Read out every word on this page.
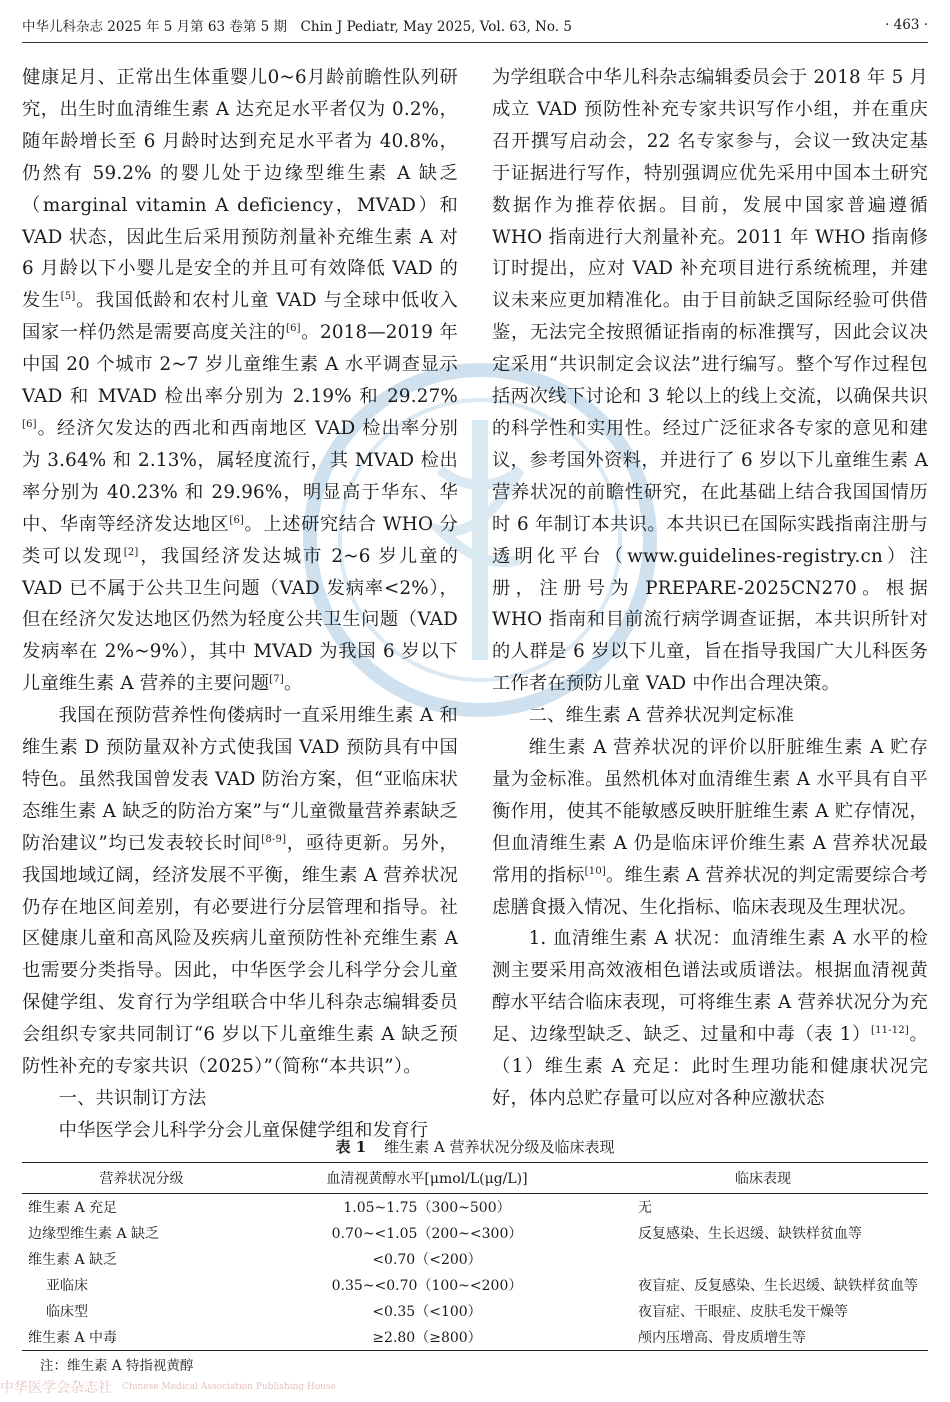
中华儿科杂志 2025 年 5 月第 63 卷第 5 期　Chin J Pediatr, May 2025, Vol. 63, No. 5	· 463 ·

健康足月、正常出生体重婴儿0~6月龄前瞻性队列研究，出生时血清维生素 A 达充足水平者仅为 0.2%，随年龄增长至 6 月龄时达到充足水平者为 40.8%，仍然有 59.2% 的婴儿处于边缘型维生素 A 缺乏（marginal vitamin A deficiency，MVAD）和 VAD 状态，因此生后采用预防剂量补充维生素 A 对 6 月龄以下小婴儿是安全的并且可有效降低 VAD 的发生[5]。我国低龄和农村儿童 VAD 与全球中低收入国家一样仍然是需要高度关注的[6]。2018—2019 年中国 20 个城市 2~7 岁儿童维生素 A 水平调查显示 VAD 和 MVAD 检出率分别为 2.19% 和 29.27%[6]。经济欠发达的西北和西南地区 VAD 检出率分别为 3.64% 和 2.13%，属轻度流行，其 MVAD 检出率分别为 40.23% 和 29.96%，明显高于华东、华中、华南等经济发达地区[6]。上述研究结合 WHO 分类可以发现[2]，我国经济发达城市 2~6 岁儿童的 VAD 已不属于公共卫生问题（VAD 发病率<2%），但在经济欠发达地区仍然为轻度公共卫生问题（VAD 发病率在 2%~9%），其中 MVAD 为我国 6 岁以下儿童维生素 A 营养的主要问题[7]。

我国在预防营养性佝偻病时一直采用维生素 A 和维生素 D 预防量双补方式使我国 VAD 预防具有中国特色。虽然我国曾发表 VAD 防治方案，但“亚临床状态维生素 A 缺乏的防治方案”与“儿童微量营养素缺乏防治建议”均已发表较长时间[8-9]，亟待更新。另外，我国地域辽阔，经济发展不平衡，维生素 A 营养状况仍存在地区间差别，有必要进行分层管理和指导。社区健康儿童和高风险及疾病儿童预防性补充维生素 A 也需要分类指导。因此，中华医学会儿科学分会儿童保健学组、发育行为学组联合中华儿科杂志编辑委员会组织专家共同制订“6 岁以下儿童维生素 A 缺乏预防性补充的专家共识（2025）”（简称“本共识”）。

一、共识制订方法

中华医学会儿科学分会儿童保健学组和发育行

为学组联合中华儿科杂志编辑委员会于 2018 年 5 月成立 VAD 预防性补充专家共识写作小组，并在重庆召开撰写启动会，22 名专家参与，会议一致决定基于证据进行写作，特别强调应优先采用中国本土研究数据作为推荐依据。目前，发展中国家普遍遵循 WHO 指南进行大剂量补充。2011 年 WHO 指南修订时提出，应对 VAD 补充项目进行系统梳理，并建议未来应更加精准化。由于目前缺乏国际经验可供借鉴，无法完全按照循证指南的标准撰写，因此会议决定采用“共识制定会议法”进行编写。整个写作过程包括两次线下讨论和 3 轮以上的线上交流，以确保共识的科学性和实用性。经过广泛征求各专家的意见和建议，参考国外资料，并进行了 6 岁以下儿童维生素 A 营养状况的前瞻性研究，在此基础上结合我国国情历时 6 年制订本共识。本共识已在国际实践指南注册与透明化平台（www.guidelines-registry.cn）注册，注册号为 PREPARE-2025CN270。根据 WHO 指南和目前流行病学调查证据，本共识所针对的人群是 6 岁以下儿童，旨在指导我国广大儿科医务工作者在预防儿童 VAD 中作出合理决策。

二、维生素 A 营养状况判定标准

维生素 A 营养状况的评价以肝脏维生素 A 贮存量为金标准。虽然机体对血清维生素 A 水平具有自平衡作用，使其不能敏感反映肝脏维生素 A 贮存情况，但血清维生素 A 仍是临床评价维生素 A 营养状况最常用的指标[10]。维生素 A 营养状况的判定需要综合考虑膳食摄入情况、生化指标、临床表现及生理状况。

1. 血清维生素 A 状况：血清维生素 A 水平的检测主要采用高效液相色谱法或质谱法。根据血清视黄醇水平结合临床表现，可将维生素 A 营养状况分为充足、边缘型缺乏、缺乏、过量和中毒（表 1）[11-12]。（1）维生素 A 充足：此时生理功能和健康状况完好，体内总贮存量可以应对各种应激状态

表 1 维生素 A 营养状况分级及临床表现
营养状况分级	血清视黄醇水平[μmol/L(μg/L)]	临床表现
维生素 A 充足	1.05~1.75（300~500）	无
边缘型维生素 A 缺乏	0.70~<1.05（200~<300）	反复感染、生长迟缓、缺铁样贫血等
维生素 A 缺乏	<0.70（<200）	
亚临床	0.35~<0.70（100~<200）	夜盲症、反复感染、生长迟缓、缺铁样贫血等
临床型	<0.35（<100）	夜盲症、干眼症、皮肤毛发干燥等
维生素 A 中毒	≥2.80（≥800）	颅内压增高、骨皮质增生等
注：维生素 A 特指视黄醇
中华医学会杂志社 Chinese Medical Association Publishing House
